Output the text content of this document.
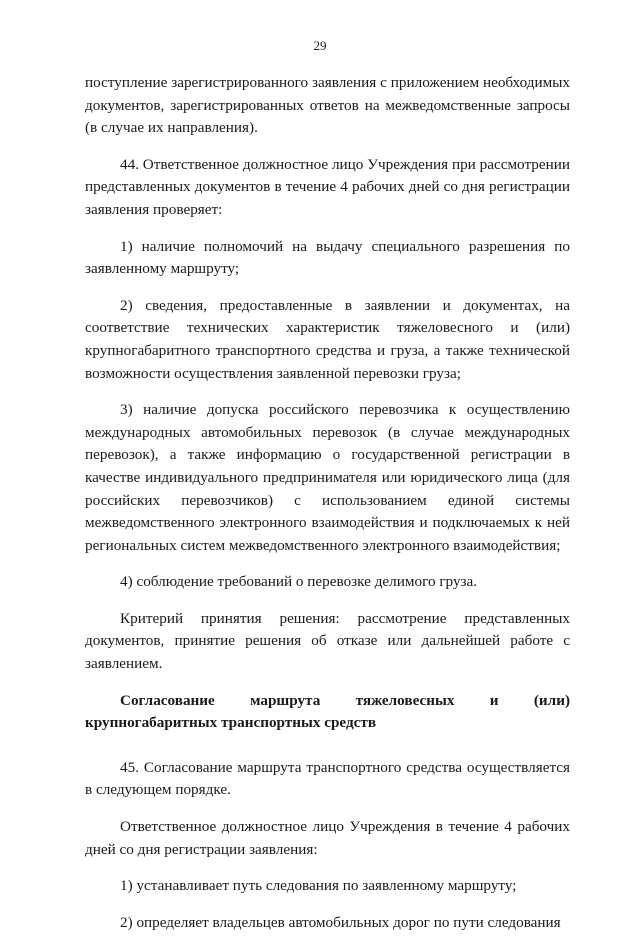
29

поступление зарегистрированного заявления с приложением необходимых документов, зарегистрированных ответов на межведомственные запросы (в случае их направления).

44. Ответственное должностное лицо Учреждения при рассмотрении представленных документов в течение 4 рабочих дней со дня регистрации заявления проверяет:

1) наличие полномочий на выдачу специального разрешения по заявленному маршруту;

2) сведения, предоставленные в заявлении и документах, на соответствие технических характеристик тяжеловесного и (или) крупногабаритного транспортного средства и груза, а также технической возможности осуществления заявленной перевозки груза;

3) наличие допуска российского перевозчика к осуществлению международных автомобильных перевозок (в случае международных перевозок), а также информацию о государственной регистрации в качестве индивидуального предпринимателя или юридического лица (для российских перевозчиков) с использованием единой системы межведомственного электронного взаимодействия и подключаемых к ней региональных систем межведомственного электронного взаимодействия;

4) соблюдение требований о перевозке делимого груза.

Критерий принятия решения: рассмотрение представленных документов, принятие решения об отказе или дальнейшей работе с заявлением.

Согласование маршрута тяжеловесных и (или) крупногабаритных транспортных средств

45. Согласование маршрута транспортного средства осуществляется в следующем порядке.

Ответственное должностное лицо Учреждения в течение 4 рабочих дней со дня регистрации заявления:

1) устанавливает путь следования по заявленному маршруту;

2) определяет владельцев автомобильных дорог по пути следования
